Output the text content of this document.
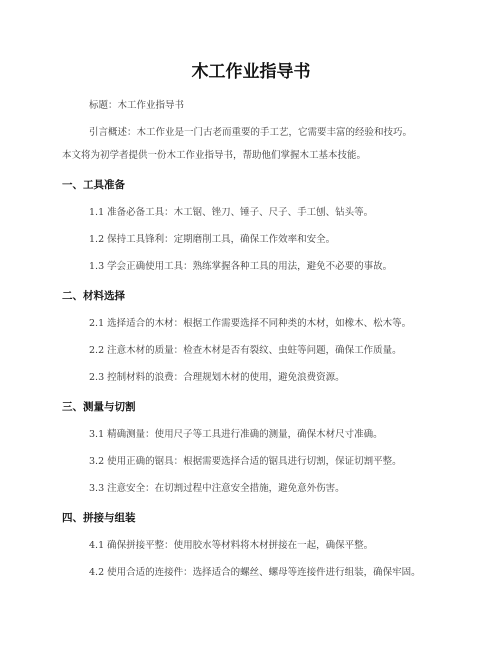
木工作业指导书
标题：木工作业指导书
引言概述：木工作业是一门古老而重要的手工艺，它需要丰富的经验和技巧。
本文将为初学者提供一份木工作业指导书，帮助他们掌握木工基本技能。
一、工具准备
1.1 准备必备工具：木工锯、锉刀、锤子、尺子、手工刨、钻头等。
1.2 保持工具锋利：定期磨削工具，确保工作效率和安全。
1.3 学会正确使用工具：熟练掌握各种工具的用法，避免不必要的事故。
二、材料选择
2.1 选择适合的木材：根据工作需要选择不同种类的木材，如橡木、松木等。
2.2 注意木材的质量：检查木材是否有裂纹、虫蛀等问题，确保工作质量。
2.3 控制材料的浪费：合理规划木材的使用，避免浪费资源。
三、测量与切割
3.1 精确测量：使用尺子等工具进行准确的测量，确保木材尺寸准确。
3.2 使用正确的锯具：根据需要选择合适的锯具进行切割，保证切割平整。
3.3 注意安全：在切割过程中注意安全措施，避免意外伤害。
四、拼接与组装
4.1 确保拼接平整：使用胶水等材料将木材拼接在一起，确保平整。
4.2 使用合适的连接件：选择适合的螺丝、螺母等连接件进行组装，确保牢固。
